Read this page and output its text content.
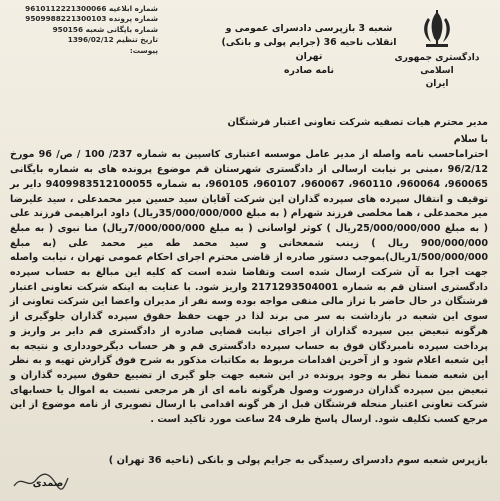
شماره ابلاغیه 9610112221300066
شماره پرونده 9509988221300103
شماره بایگانی شعبه 950156
تاریخ تنظیم 1396/02/12
پیوست:
شعبه 3 بازپرسی دادسرای عمومی و انقلاب ناحیه 36 (جرایم پولی و بانکی) تهران
نامه صادره
دادگستری جمهوری اسلامی
ایران

مدیر محترم هیات تصفیه شرکت تعاونی اعتبار فرشتگان

با سلام

احتراماحسب نامه واصله از مدیر عامل موسسه اعتباری کاسپین به شماره 237/ 100 / ص/ 96 مورخ 96/2/12 ،مبنی بر نیابت ارسالی از دادگستری شهرستان قم موضوع پرونده های به شماره بایگانی 960065، 960064، 960110، 960067، 960107، 960105، به شماره 9409983512100055 دایر بر توقیف و انتقال سپرده های سپرده گذاران این شرکت آقایان سید حسین میر محمدعلی ، سید علیرضا میر محمدعلی ، هما مخلصی فرزند شهرام ( به مبلغ 35/000/000/000ریال) داود ابراهیمی فرزند علی ( به مبلغ 25/000/000/000ریال ) کوثر لواسانی ( به مبلغ 7/000/000/000ریال) منا نبوی ( به مبلغ 900/000/000 ریال ) زینب شمعخانی و سید محمد طه میر محمد علی (به مبلغ 1/500/000/000ریال)بموجب دستور صادره از قاضی محترم اجرای احکام عمومی تهران ، نیابت واصله جهت اجرا به آن شرکت ارسال شده است وتقاضا شده است که کلیه این مبالغ به حساب سپرده دادگستری استان قم به شماره 2171293504001 واریز شود. با عنایت به اینکه شرکت تعاونی اعتبار فرشتگان در حال حاضر با تراز مالی منفی مواجه بوده وسه نفر از مدیران واعضا این شرکت تعاونی از سوی این شعبه در بازداشت به سر می برند لذا در جهت حفظ حقوق سپرده گذاران جلوگیری از هرگونه تبعیض بین سپرده گذاران از اجرای نیابت قضایی صادره از دادگستری قم دایر بر واریز و پرداخت سپرده نامبردگان فوق به حساب سپرده دادگستری قم و هر حساب دیگرخودداری و نتیجه به این شعبه اعلام شود و از آخرین اقدامات مربوط به مکاتبات مذکور به شرح فوق گزارش تهیه و به نظر این شعبه ضمنا نظر به وجود پرونده در این شعبه جهت جلو گیری از تضییع حقوق سپرده گذاران و تبعیض بین سپرده گذاران درصورت وصول هرگونه نامه ای از هر مرجعی نسبت به اموال یا حسابهای شرکت تعاونی اعتبار منحله فرشتگان قبل از هر گونه اقدامی با ارسال تصویری از نامه موضوع از این مرجع کسب تکلیف شود. ارسال پاسخ ظرف 24 ساعت مورد تاکید است .

بازپرس شعبه سوم دادسرای رسیدگی به جرایم پولی و بانکی (ناحیه 36 تهران )
صمدی
